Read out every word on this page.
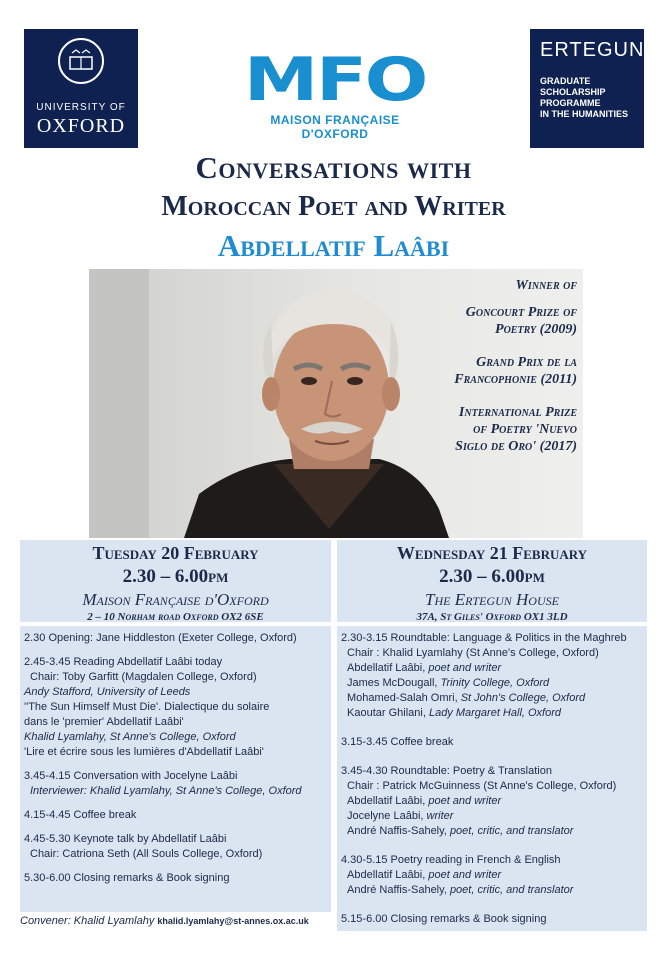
UNIVERSITY OF
OXFORD
MFO
MAISON FRANÇAISE D'OXFORD
ERTEGUN
GRADUATE
SCHOLARSHIP
PROGRAMME
IN THE HUMANITIES
Conversations with
Moroccan Poet and Writer
Abdellatif Laâbi
Winner of
Goncourt Prize of
Poetry (2009)
Grand Prix de la
Francophonie (2011)
International Prize
of Poetry 'Nuevo
Siglo de Oro' (2017)
Tuesday 20 February
2.30 – 6.00pm
Maison Française d'Oxford
2 – 10 Norham road Oxford OX2 6SE
Wednesday 21 February
2.30 – 6.00pm
The Ertegun House
37A, St Giles' Oxford OX1 3LD
2.30 Opening: Jane Hiddleston (Exeter College, Oxford)
2.45-3.45 Reading Abdellatif Laâbi today
Chair: Toby Garfitt (Magdalen College, Oxford)
Andy Stafford, University of Leeds
''The Sun Himself Must Die'. Dialectique du solaire
dans le 'premier' Abdellatif Laâbi'
Khalid Lyamlahy, St Anne's College, Oxford
'Lire et écrire sous les lumières d'Abdellatif Laâbi'
3.45-4.15 Conversation with Jocelyne Laâbi
Interviewer: Khalid Lyamlahy, St Anne's College, Oxford
4.15-4.45 Coffee break
4.45-5.30 Keynote talk by Abdellatif Laâbi
Chair: Catriona Seth (All Souls College, Oxford)
5.30-6.00 Closing remarks & Book signing
2.30-3.15 Roundtable: Language & Politics in the Maghreb
Chair : Khalid Lyamlahy (St Anne's College, Oxford)
Abdellatif Laâbi, poet and writer
James McDougall, Trinity College, Oxford
Mohamed-Salah Omri, St John's College, Oxford
Kaoutar Ghilani, Lady Margaret Hall, Oxford
3.15-3.45 Coffee break
3.45-4.30 Roundtable: Poetry & Translation
Chair : Patrick McGuinness (St Anne's College, Oxford)
Abdellatif Laâbi, poet and writer
Jocelyne Laâbi, writer
André Naffis-Sahely, poet, critic, and translator
4.30-5.15 Poetry reading in French & English
Abdellatif Laâbi, poet and writer
André Naffis-Sahely, poet, critic, and translator
5.15-6.00 Closing remarks & Book signing
Convener: Khalid Lyamlahy khalid.lyamlahy@st-annes.ox.ac.uk
